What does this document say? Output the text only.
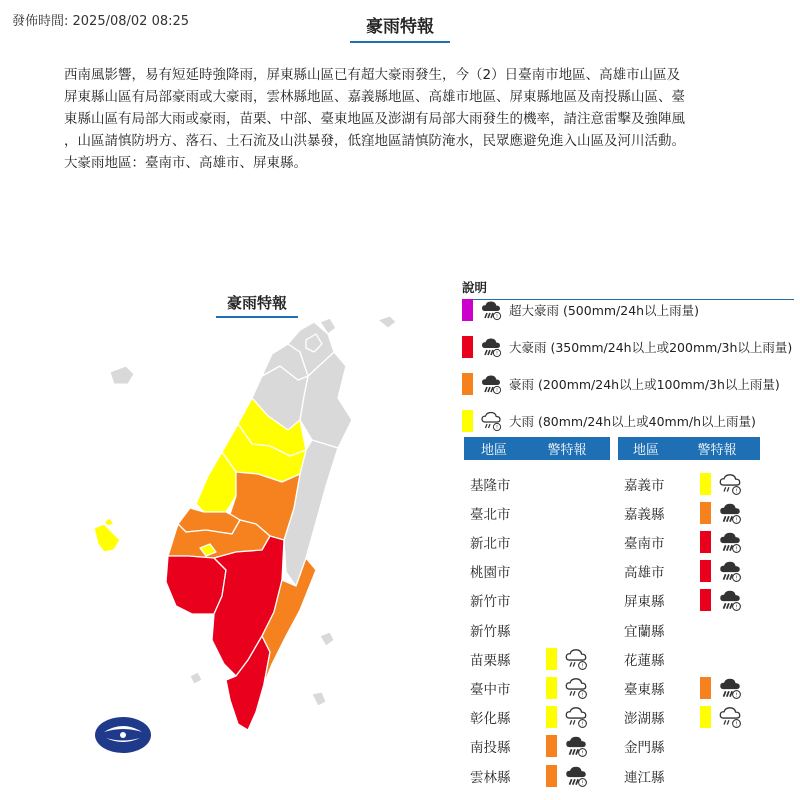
發佈時間: 2025/08/02 08:25	豪雨特報

西南風影響，易有短延時強降雨，屏東縣山區已有超大豪雨發生，今（2）日臺南市地區、高雄市山區及

屏東縣山區有局部豪雨或大豪雨，雲林縣地區、嘉義縣地區、高雄市地區、屏東縣地區及南投縣山區、臺

東縣山區有局部大雨或豪雨，苗栗、中部、臺東地區及澎湖有局部大雨發生的機率，請注意雷擊及強陣風

，山區請慎防坍方、落石、土石流及山洪暴發，低窪地區請慎防淹水，民眾應避免進入山區及河川活動。

大豪雨地區：臺南市、高雄市、屏東縣。

豪雨特報
說明
! 超大豪雨 (500mm/24h以上雨量)
! 大豪雨 (350mm/24h以上或200mm/3h以上雨量)
! 豪雨 (200mm/24h以上或100mm/3h以上雨量)
! 大雨 (80mm/24h以上或40mm/h以上雨量)
地區	警特報	地區	警特報
基隆市
臺北市
新北市
桃園市
新竹市
新竹縣
苗栗縣	!
臺中市	!
彰化縣	!
南投縣	!
雲林縣	!
嘉義市	!
嘉義縣	!
臺南市	!
高雄市	!
屏東縣	!
宜蘭縣
花蓮縣
臺東縣	!
澎湖縣	!
金門縣
連江縣
